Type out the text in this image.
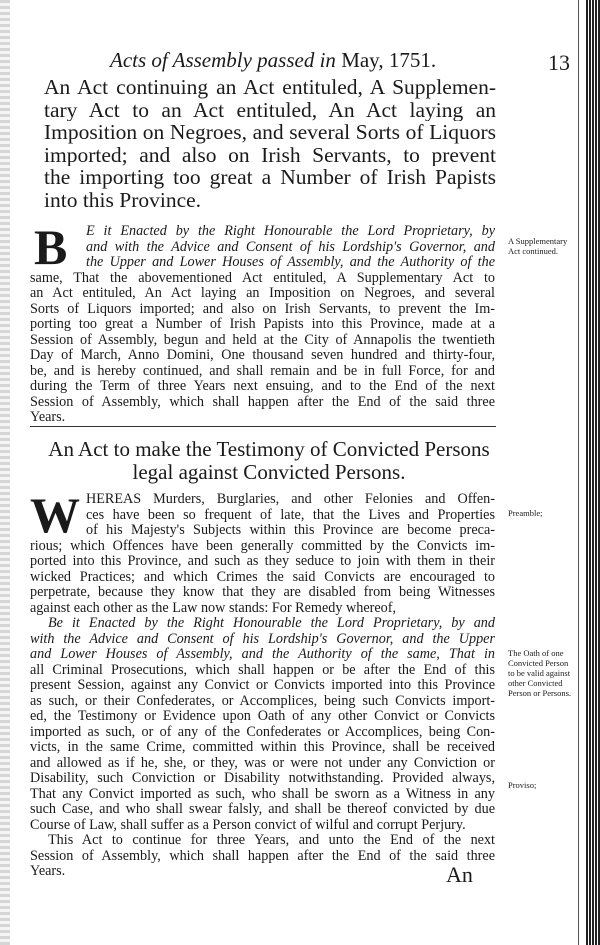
Acts of Assembly passed in May, 1751.	13
An Act continuing an Act entituled, A Supplemen-
tary Act to an Act entituled, An Act laying an
Imposition on Negroes, and several Sorts of Liquors
imported; and also on Irish Servants, to prevent
the importing too great a Number of Irish Papists
into this Province.
B E it Enacted by the Right Honourable the Lord Proprietary, by
and with the Advice and Consent of his Lordship's Governor, and
the Upper and Lower Houses of Assembly, and the Authority of the
same, That the abovementioned Act entituled, A Supplementary Act to
an Act entituled, An Act laying an Imposition on Negroes, and several
Sorts of Liquors imported; and also on Irish Servants, to prevent the Im-
porting too great a Number of Irish Papists into this Province, made at a
Session of Assembly, begun and held at the City of Annapolis the twentieth
Day of March, Anno Domini, One thousand seven hundred and thirty-four,
be, and is hereby continued, and shall remain and be in full Force, for and
during the Term of three Years next ensuing, and to the End of the next
Session of Assembly, which shall happen after the End of the said three
Years.
A Supplementary Act continued.
An Act to make the Testimony of Convicted Persons
legal against Convicted Persons.
W HEREAS Murders, Burglaries, and other Felonies and Offen-
ces have been so frequent of late, that the Lives and Properties
of his Majesty's Subjects within this Province are become preca-
rious; which Offences have been generally committed by the Convicts im-
ported into this Province, and such as they seduce to join with them in their
wicked Practices; and which Crimes the said Convicts are encouraged to
perpetrate, because they know that they are disabled from being Witnesses
against each other as the Law now stands: For Remedy whereof,
Be it Enacted by the Right Honourable the Lord Proprietary, by and
with the Advice and Consent of his Lordship's Governor, and the Upper
and Lower Houses of Assembly, and the Authority of the same, That in
all Criminal Prosecutions, which shall happen or be after the End of this
present Session, against any Convict or Convicts imported into this Province
as such, or their Confederates, or Accomplices, being such Convicts import-
ed, the Testimony or Evidence upon Oath of any other Convict or Convicts
imported as such, or of any of the Confederates or Accomplices, being Con-
victs, in the same Crime, committed within this Province, shall be received
and allowed as if he, she, or they, was or were not under any Conviction or
Disability, such Conviction or Disability notwithstanding. Provided always,
That any Convict imported as such, who shall be sworn as a Witness in any
such Case, and who shall swear falsly, and shall be thereof convicted by due
Course of Law, shall suffer as a Person convict of wilful and corrupt Perjury.
This Act to continue for three Years, and unto the End of the next
Session of Assembly, which shall happen after the End of the said three
Years.
Preamble;
The Oath of one Convicted Person to be valid against other Convicted Person or Persons.
Proviso;
An
